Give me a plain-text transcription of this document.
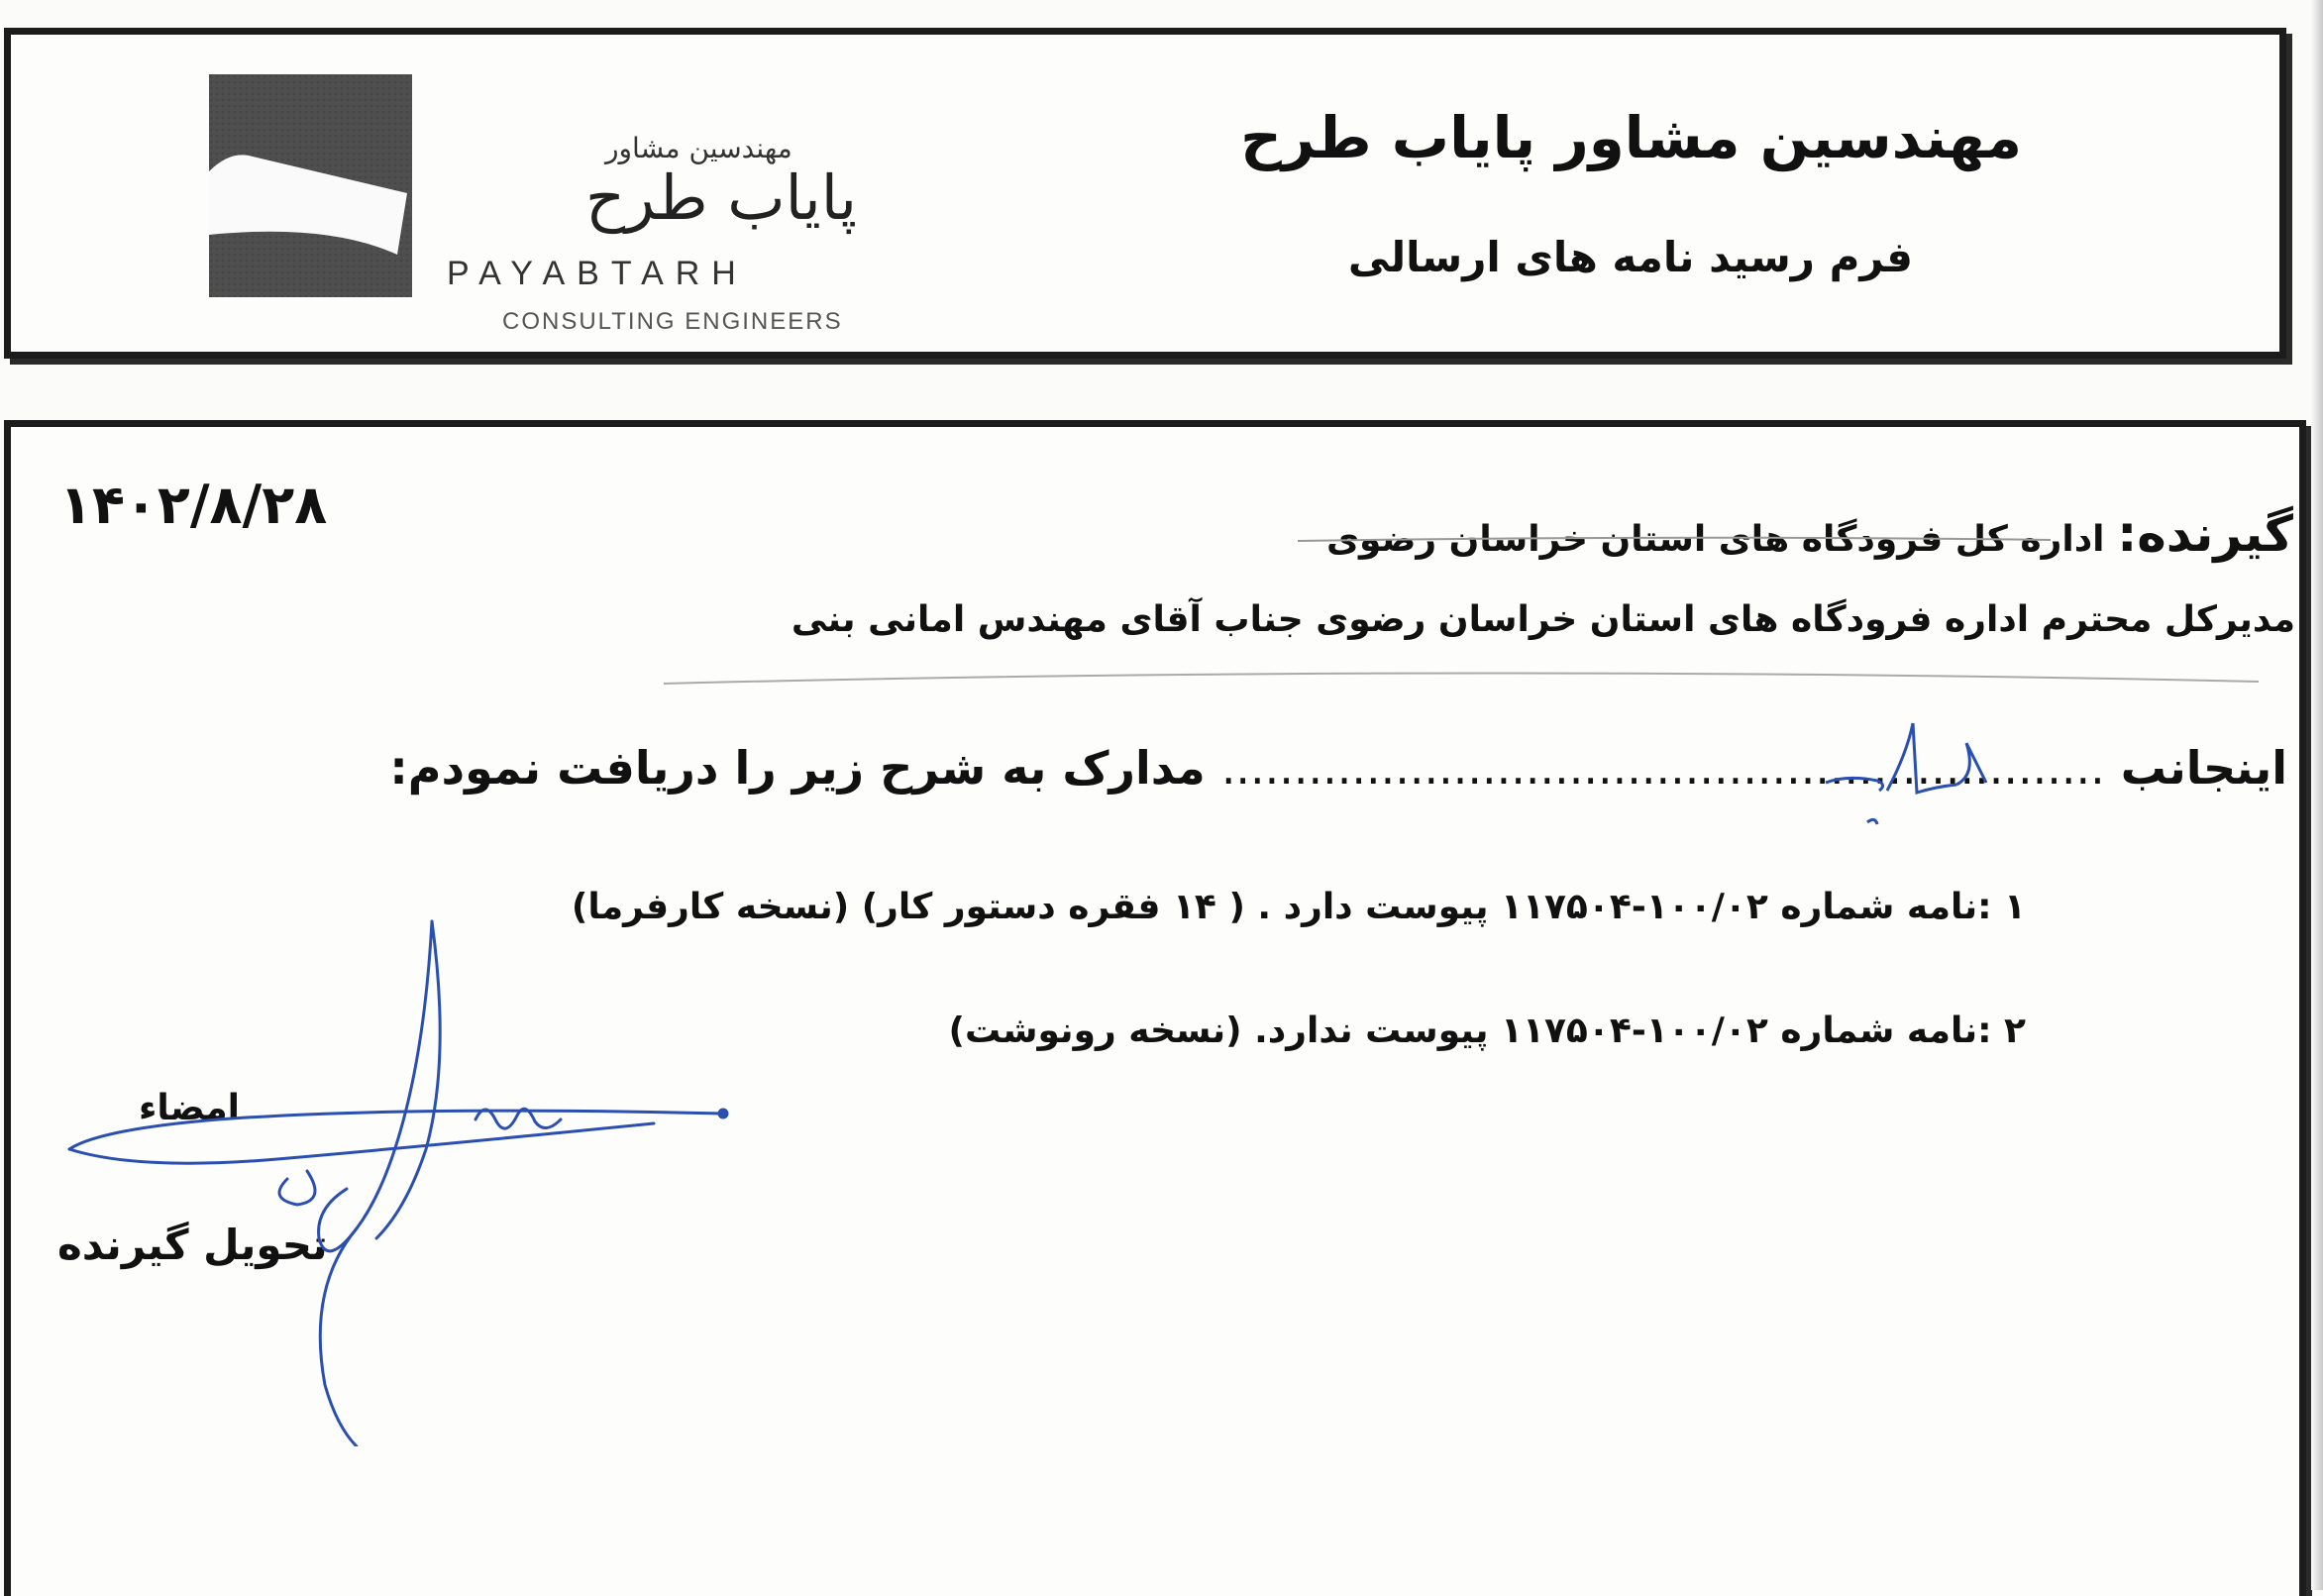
مهندسین مشاور
پایاب طرح
PAYABTARH
CONSULTING ENGINEERS
مهندسین مشاور پایاب طرح
فرم رسید نامه های ارسالی
۱۴۰۲/۸/۲۸	گیرنده: اداره کل فرودگاه های استان خراسان رضوی
مدیرکل محترم اداره فرودگاه های استان خراسان رضوی جناب آقای مهندس امانی بنی
اینجانب ............................................................. مدارک به شرح زیر را دریافت نمودم:
۱ :نامه شماره ۱۰۰/۰۲-۱۱۷۵۰۴ پیوست دارد . ( ۱۴ فقره دستور کار) (نسخه کارفرما)
۲ :نامه شماره ۱۰۰/۰۲-۱۱۷۵۰۴ پیوست ندارد. (نسخه رونوشت)
امضاء
تحویل گیرنده
